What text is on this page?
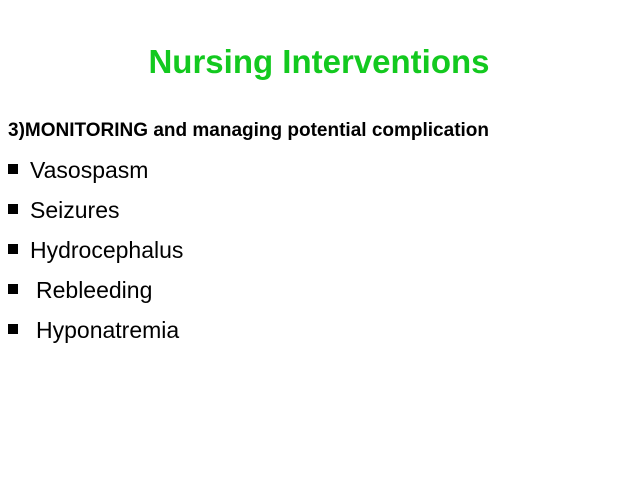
Nursing Interventions
3)MONITORING and managing potential complication
Vasospasm
Seizures
Hydrocephalus
Rebleeding
Hyponatremia
